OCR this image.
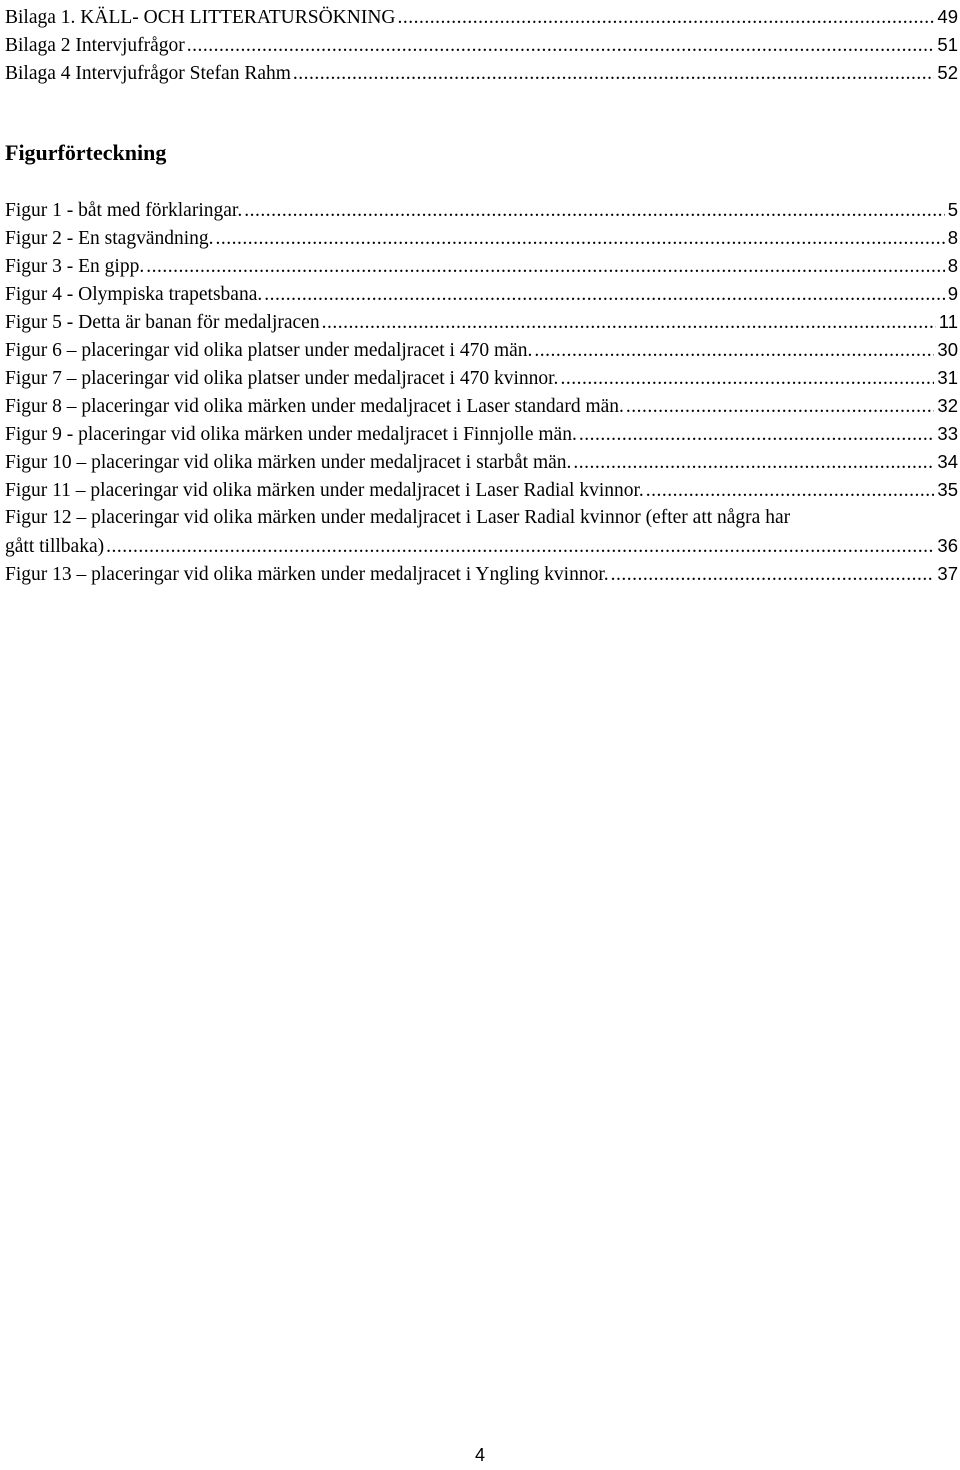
Bilaga 1. KÄLL- OCH LITTERATURSÖKNING .....	49
Bilaga 2 Intervjufrågor .....	51
Bilaga 4 Intervjufrågor Stefan Rahm .....	52
Figurförteckning
Figur 1 - båt med förklaringar. .....	5
Figur 2 - En stagvändning. .....	8
Figur 3 - En gipp. .....	8
Figur 4 - Olympiska trapetsbana. .....	9
Figur 5 - Detta är banan för medaljracen .....	11
Figur 6 – placeringar vid olika platser under medaljracet i 470 män. .....	30
Figur 7 – placeringar vid olika platser under medaljracet i 470 kvinnor. .....	31
Figur 8 – placeringar vid olika märken under medaljracet i Laser standard män. .....	32
Figur 9 - placeringar vid olika märken under medaljracet i Finnjolle män. .....	33
Figur 10 – placeringar vid olika märken under medaljracet i starbåt män. .....	34
Figur 11 – placeringar vid olika märken under medaljracet i Laser Radial kvinnor. .....	35
Figur 12 – placeringar vid olika märken under medaljracet i Laser Radial kvinnor (efter att några har
gått tillbaka) .....	36
Figur 13 – placeringar vid olika märken under medaljracet i Yngling kvinnor. .....	37
4
